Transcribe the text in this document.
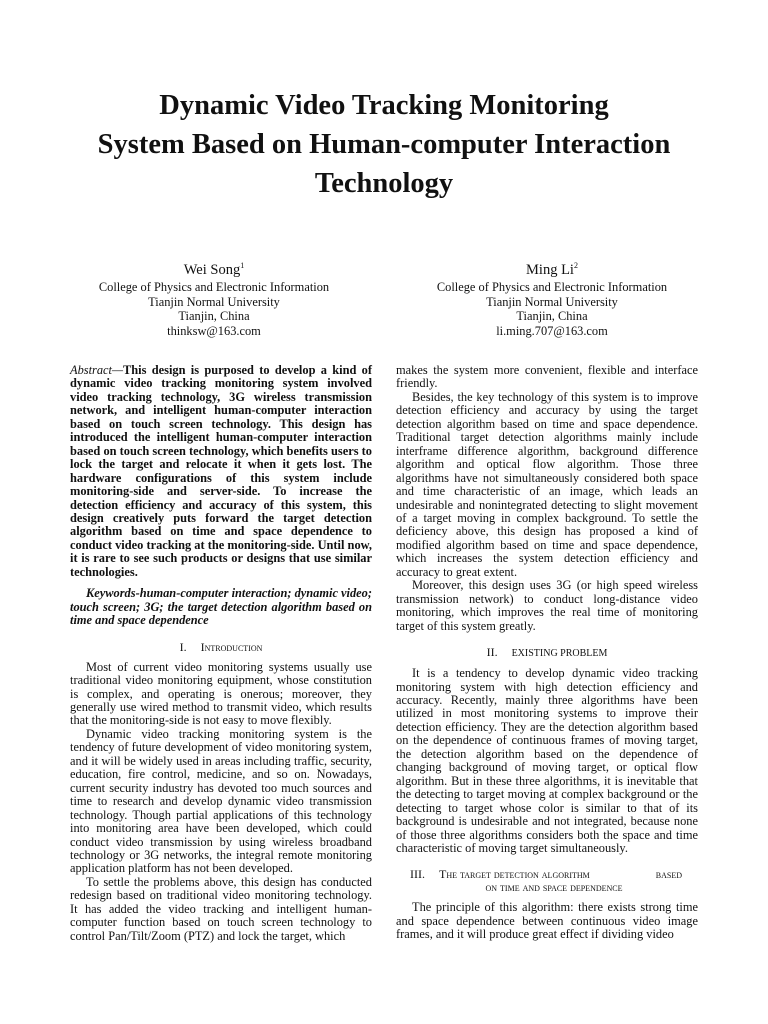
Dynamic Video Tracking Monitoring
System Based on Human-computer Interaction
Technology
Wei Song$^1$
College of Physics and Electronic Information
Tianjin Normal University
Tianjin, China
thinksw@163.com
Ming Li$^2$
College of Physics and Electronic Information
Tianjin Normal University
Tianjin, China
li.ming.707@163.com

Abstract—This design is purposed to develop a kind of dynamic video tracking monitoring system involved video tracking technology, 3G wireless transmission network, and intelligent human-computer interaction based on touch screen technology. This design has introduced the intelligent human-computer interaction based on touch screen technology, which benefits users to lock the target and relocate it when it gets lost. The hardware configurations of this system include monitoring-side and server-side. To increase the detection efficiency and accuracy of this system, this design creatively puts forward the target detection algorithm based on time and space dependence to conduct video tracking at the monitoring-side. Until now, it is rare to see such products or designs that use similar technologies.

Keywords-human-computer interaction; dynamic video; touch screen; 3G; the target detection algorithm based on time and space dependence

I. Introduction

Most of current video monitoring systems usually use traditional video monitoring equipment, whose constitution is complex, and operating is onerous; moreover, they generally use wired method to transmit video, which results that the monitoring-side is not easy to move flexibly.

Dynamic video tracking monitoring system is the tendency of future development of video monitoring system, and it will be widely used in areas including traffic, security, education, fire control, medicine, and so on. Nowadays, current security industry has devoted too much sources and time to research and develop dynamic video transmission technology. Though partial applications of this technology into monitoring area have been developed, which could conduct video transmission by using wireless broadband technology or 3G networks, the integral remote monitoring application platform has not been developed.

To settle the problems above, this design has conducted redesign based on traditional video monitoring technology. It has added the video tracking and intelligent human-computer function based on touch screen technology to control Pan/Tilt/Zoom (PTZ) and lock the target, which

makes the system more convenient, flexible and interface friendly.

Besides, the key technology of this system is to improve detection efficiency and accuracy by using the target detection algorithm based on time and space dependence. Traditional target detection algorithms mainly include interframe difference algorithm, background difference algorithm and optical flow algorithm. Those three algorithms have not simultaneously considered both space and time characteristic of an image, which leads an undesirable and nonintegrated detecting to slight movement of a target moving in complex background. To settle the deficiency above, this design has proposed a kind of modified algorithm based on time and space dependence, which increases the system detection efficiency and accuracy to great extent.

Moreover, this design uses 3G (or high speed wireless transmission network) to conduct long-distance video monitoring, which improves the real time of monitoring target of this system greatly.

II. EXISTING PROBLEM

It is a tendency to develop dynamic video tracking monitoring system with high detection efficiency and accuracy. Recently, mainly three algorithms have been utilized in most monitoring systems to improve their detection efficiency. They are the detection algorithm based on the dependence of continuous frames of moving target, the detection algorithm based on the dependence of changing background of moving target, or optical flow algorithm. But in these three algorithms, it is inevitable that the detecting to target moving at complex background or the detecting to target whose color is similar to that of its background is undesirable and not integrated, because none of those three algorithms considers both the space and time characteristic of moving target simultaneously.

III. The target detection algorithm	based
on time and space dependence

The principle of this algorithm: there exists strong time and space dependence between continuous video image frames, and it will produce great effect if dividing video
